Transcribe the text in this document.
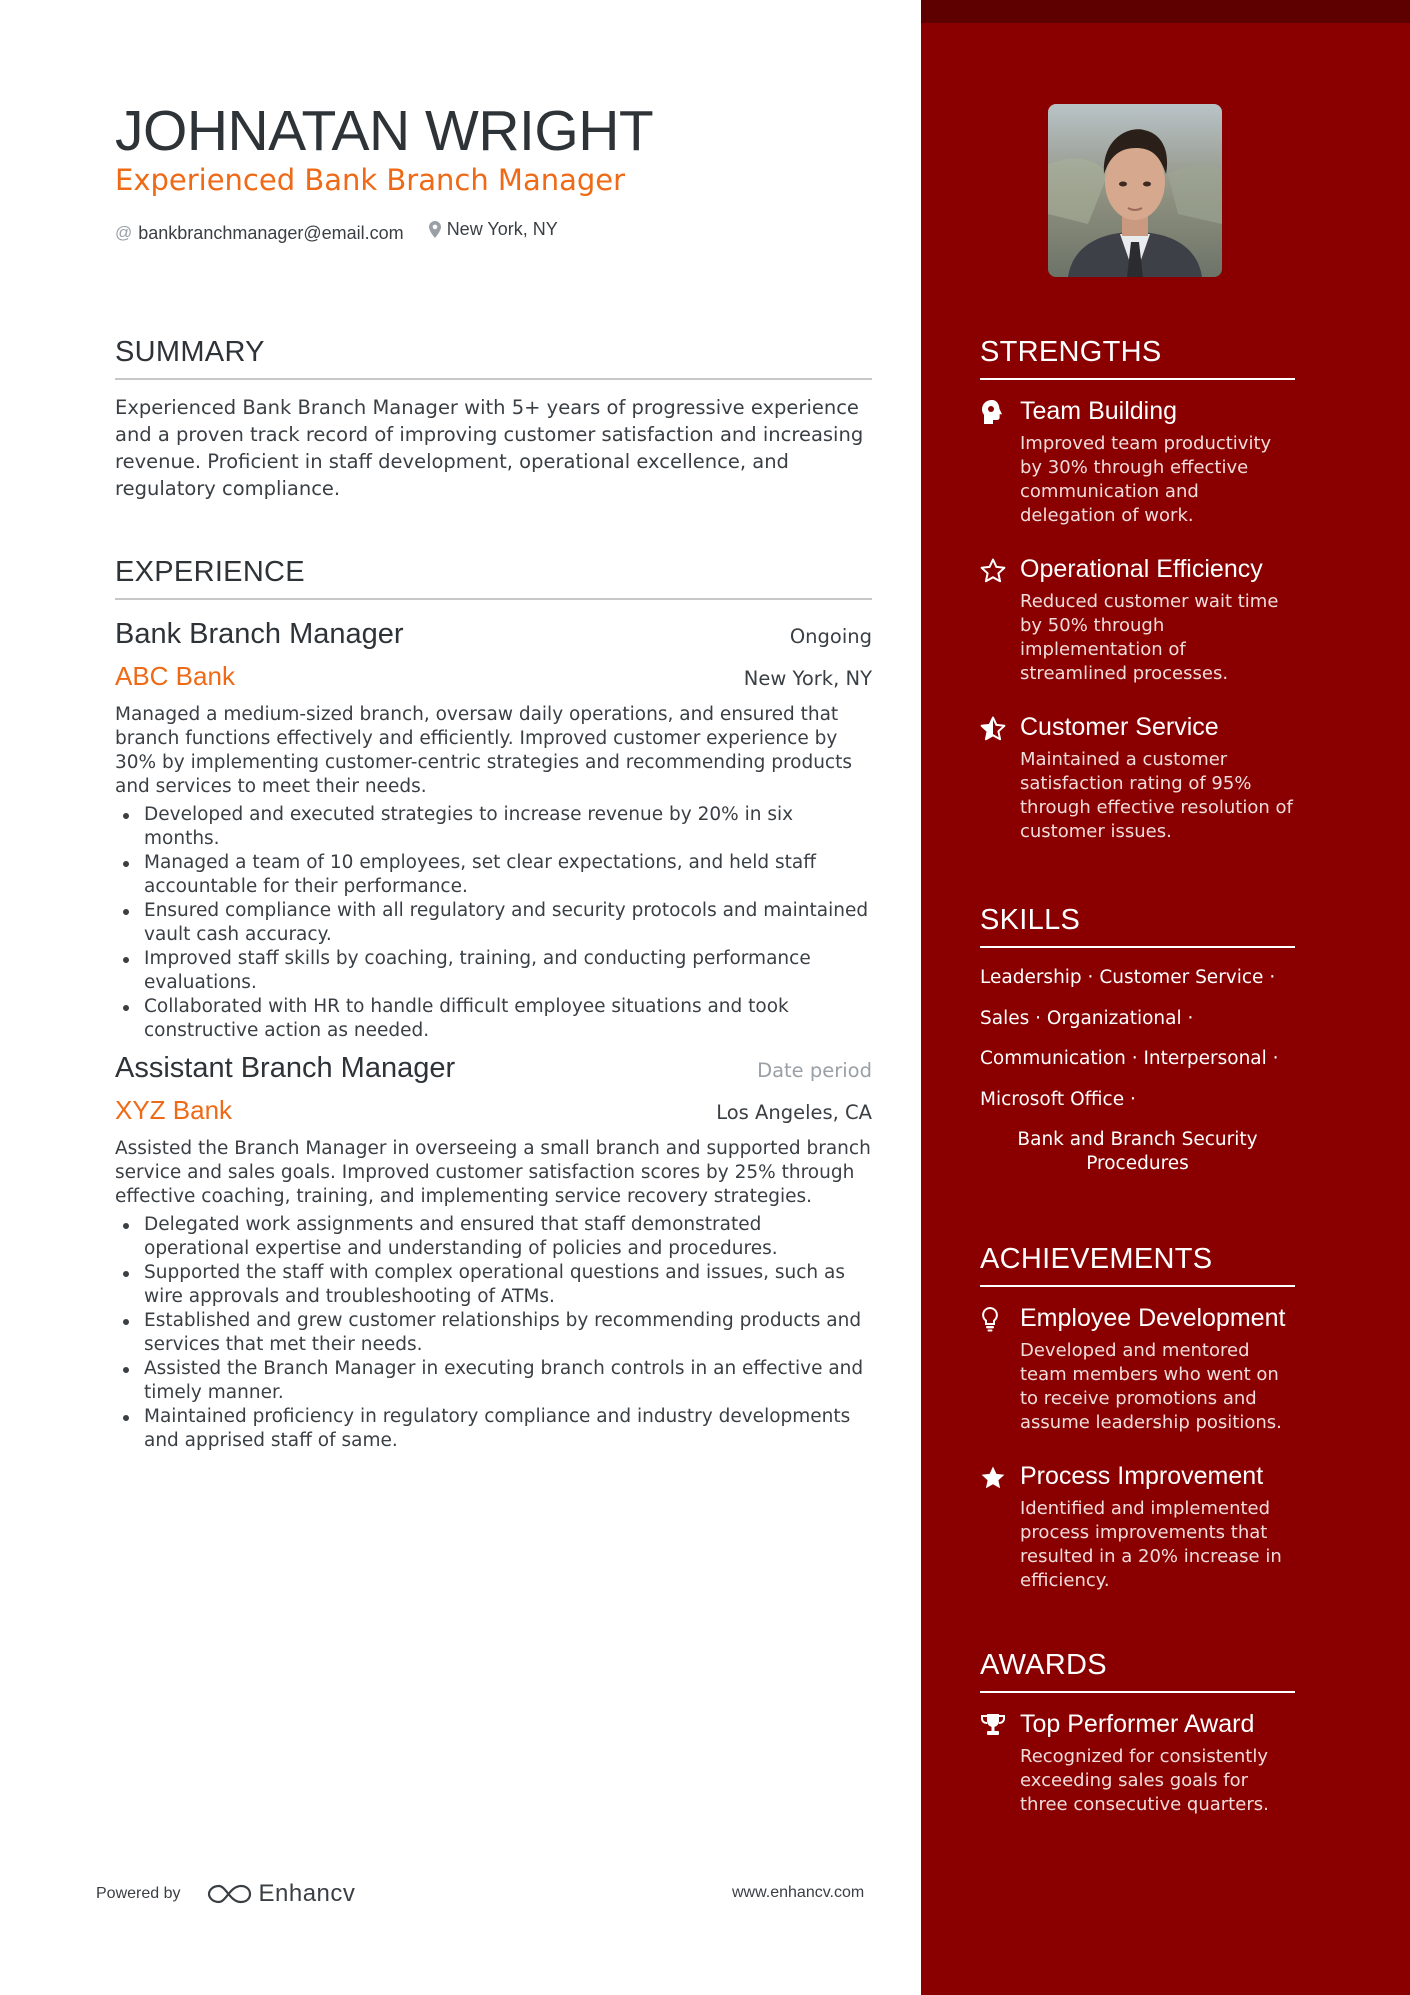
JOHNATAN WRIGHT
Experienced Bank Branch Manager
@ bankbranchmanager@email.com
New York, NY
SUMMARY
Experienced Bank Branch Manager with 5+ years of progressive experience and a proven track record of improving customer satisfaction and increasing revenue. Proficient in staff development, operational excellence, and regulatory compliance.
EXPERIENCE
Bank Branch Manager	Ongoing
ABC Bank	New York, NY
Managed a medium-sized branch, oversaw daily operations, and ensured that branch functions effectively and efficiently. Improved customer experience by 30% by implementing customer-centric strategies and recommending products and services to meet their needs.
Developed and executed strategies to increase revenue by 20% in six months.
Managed a team of 10 employees, set clear expectations, and held staff accountable for their performance.
Ensured compliance with all regulatory and security protocols and maintained vault cash accuracy.
Improved staff skills by coaching, training, and conducting performance evaluations.
Collaborated with HR to handle difficult employee situations and took constructive action as needed.
Assistant Branch Manager	Date period
XYZ Bank	Los Angeles, CA
Assisted the Branch Manager in overseeing a small branch and supported branch service and sales goals. Improved customer satisfaction scores by 25% through effective coaching, training, and implementing service recovery strategies.
Delegated work assignments and ensured that staff demonstrated operational expertise and understanding of policies and procedures.
Supported the staff with complex operational questions and issues, such as wire approvals and troubleshooting of ATMs.
Established and grew customer relationships by recommending products and services that met their needs.
Assisted the Branch Manager in executing branch controls in an effective and timely manner.
Maintained proficiency in regulatory compliance and industry developments and apprised staff of same.
Powered by	Enhancv	www.enhancv.com
STRENGTHS
Team Building
Improved team productivity by 30% through effective communication and delegation of work.
Operational Efficiency
Reduced customer wait time by 50% through implementation of streamlined processes.
Customer Service
Maintained a customer satisfaction rating of 95% through effective resolution of customer issues.
SKILLS
Leadership · Customer Service ·
Sales · Organizational ·
Communication · Interpersonal ·
Microsoft Office ·
Bank and Branch Security Procedures
ACHIEVEMENTS
Employee Development
Developed and mentored team members who went on to receive promotions and assume leadership positions.
Process Improvement
Identified and implemented process improvements that resulted in a 20% increase in efficiency.
AWARDS
Top Performer Award
Recognized for consistently exceeding sales goals for three consecutive quarters.
